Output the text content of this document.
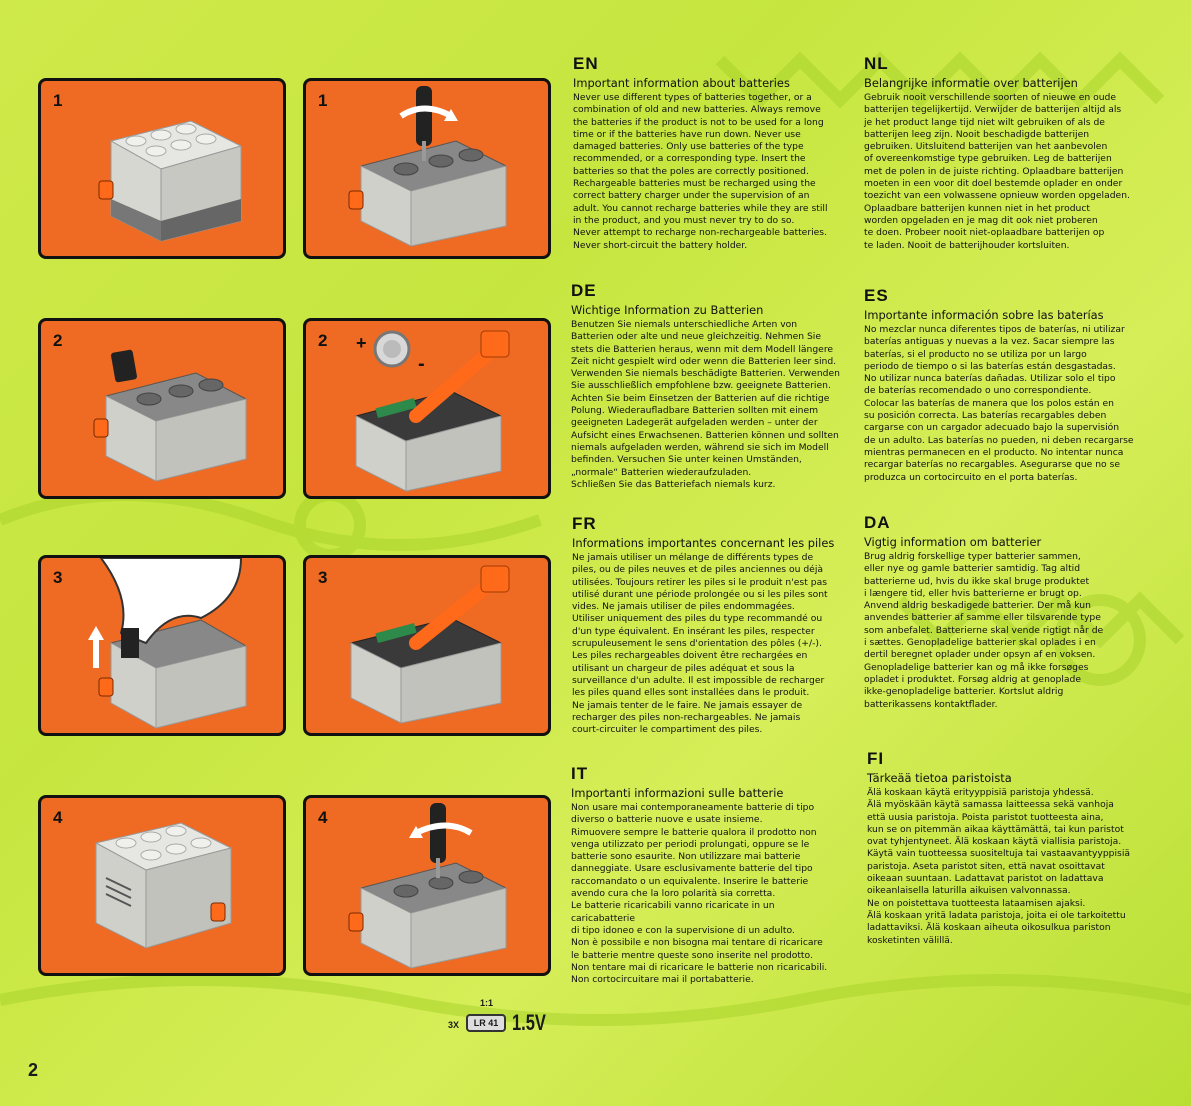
1	1
2	2 +
-
3	3
4	4
EN
Important information about batteries
Never use different types of batteries together, or a
combination of old and new batteries. Always remove
the batteries if the product is not to be used for a long
time or if the batteries have run down. Never use
damaged batteries. Only use batteries of the type
recommended, or a corresponding type. Insert the
batteries so that the poles are correctly positioned.
Rechargeable batteries must be recharged using the
correct battery charger under the supervision of an
adult. You cannot recharge batteries while they are still
in the product, and you must never try to do so.
Never attempt to recharge non-rechargeable batteries.
Never short-circuit the battery holder.
NL
Belangrijke informatie over batterijen
Gebruik nooit verschillende soorten of nieuwe en oude
batterijen tegelijkertijd. Verwijder de batterijen altijd als
je het product lange tijd niet wilt gebruiken of als de
batterijen leeg zijn. Nooit beschadigde batterijen
gebruiken. Uitsluitend batterijen van het aanbevolen
of overeenkomstige type gebruiken. Leg de batterijen
met de polen in de juiste richting. Oplaadbare batterijen
moeten in een voor dit doel bestemde oplader en onder
toezicht van een volwassene opnieuw worden opgeladen.
Oplaadbare batterijen kunnen niet in het product
worden opgeladen en je mag dit ook niet proberen
te doen. Probeer nooit niet-oplaadbare batterijen op
te laden. Nooit de batterijhouder kortsluiten.
DE
Wichtige Information zu Batterien
Benutzen Sie niemals unterschiedliche Arten von
Batterien oder alte und neue gleichzeitig. Nehmen Sie
stets die Batterien heraus, wenn mit dem Modell längere
Zeit nicht gespielt wird oder wenn die Batterien leer sind.
Verwenden Sie niemals beschädigte Batterien. Verwenden
Sie ausschließlich empfohlene bzw. geeignete Batterien.
Achten Sie beim Einsetzen der Batterien auf die richtige
Polung. Wiederaufladbare Batterien sollten mit einem
geeigneten Ladegerät aufgeladen werden – unter der
Aufsicht eines Erwachsenen. Batterien können und sollten
niemals aufgeladen werden, während sie sich im Modell
befinden. Versuchen Sie unter keinen Umständen,
„normale“ Batterien wiederaufzuladen.
Schließen Sie das Batteriefach niemals kurz.
ES
Importante información sobre las baterías
No mezclar nunca diferentes tipos de baterías, ni utilizar
baterías antiguas y nuevas a la vez. Sacar siempre las
baterías, si el producto no se utiliza por un largo
periodo de tiempo o si las baterías están desgastadas.
No utilizar nunca baterías dañadas. Utilizar solo el tipo
de baterías recomendado o uno correspondiente.
Colocar las baterías de manera que los polos están en
su posición correcta. Las baterías recargables deben
cargarse con un cargador adecuado bajo la supervisión
de un adulto. Las baterías no pueden, ni deben recargarse
mientras permanecen en el producto. No intentar nunca
recargar baterías no recargables. Asegurarse que no se
produzca un cortocircuito en el porta baterías.
FR
Informations importantes concernant les piles
Ne jamais utiliser un mélange de différents types de
piles, ou de piles neuves et de piles anciennes ou déjà
utilisées. Toujours retirer les piles si le produit n'est pas
utilisé durant une période prolongée ou si les piles sont
vides. Ne jamais utiliser de piles endommagées.
Utiliser uniquement des piles du type recommandé ou
d'un type équivalent. En insérant les piles, respecter
scrupuleusement le sens d'orientation des pôles (+/-).
Les piles rechargeables doivent être rechargées en
utilisant un chargeur de piles adéquat et sous la
surveillance d'un adulte. Il est impossible de recharger
les piles quand elles sont installées dans le produit.
Ne jamais tenter de le faire. Ne jamais essayer de
recharger des piles non-rechargeables. Ne jamais
court-circuiter le compartiment des piles.
DA
Vigtig information om batterier
Brug aldrig forskellige typer batterier sammen,
eller nye og gamle batterier samtidig. Tag altid
batterierne ud, hvis du ikke skal bruge produktet
i længere tid, eller hvis batterierne er brugt op.
Anvend aldrig beskadigede batterier. Der må kun
anvendes batterier af samme eller tilsvarende type
som anbefalet. Batterierne skal vende rigtigt når de
i sættes. Genopladelige batterier skal oplades i en
dertil beregnet oplader under opsyn af en voksen.
Genopladelige batterier kan og må ikke forsøges
opladet i produktet. Forsøg aldrig at genoplade
ikke-genopladelige batterier. Kortslut aldrig
batterikassens kontaktflader.
IT
Importanti informazioni sulle batterie
Non usare mai contemporaneamente batterie di tipo
diverso o batterie nuove e usate insieme.
Rimuovere sempre le batterie qualora il prodotto non
venga utilizzato per periodi prolungati, oppure se le
batterie sono esaurite. Non utilizzare mai batterie
danneggiate. Usare esclusivamente batterie del tipo
raccomandato o un equivalente. Inserire le batterie
avendo cura che la loro polarità sia corretta.
Le batterie ricaricabili vanno ricaricate in un caricabatterie
di tipo idoneo e con la supervisione di un adulto.
Non è possibile e non bisogna mai tentare di ricaricare
le batterie mentre queste sono inserite nel prodotto.
Non tentare mai di ricaricare le batterie non ricaricabili.
Non cortocircuitare mai il portabatterie.
FI
Tärkeää tietoa paristoista
Älä koskaan käytä erityyppisiä paristoja yhdessä.
Älä myöskään käytä samassa laitteessa sekä vanhoja
että uusia paristoja. Poista paristot tuotteesta aina,
kun se on pitemmän aikaa käyttämättä, tai kun paristot
ovat tyhjentyneet. Älä koskaan käytä viallisia paristoja.
Käytä vain tuotteessa suositeltuja tai vastaavantyyppisiä
paristoja. Aseta paristot siten, että navat osoittavat
oikeaan suuntaan. Ladattavat paristot on ladattava
oikeanlaisella laturilla aikuisen valvonnassa.
Ne on poistettava tuotteesta lataamisen ajaksi.
Älä koskaan yritä ladata paristoja, joita ei ole tarkoitettu
ladattaviksi. Älä koskaan aiheuta oikosulkua pariston
kosketinten välillä.
1:1
3X	LR 41 1.5V
2
